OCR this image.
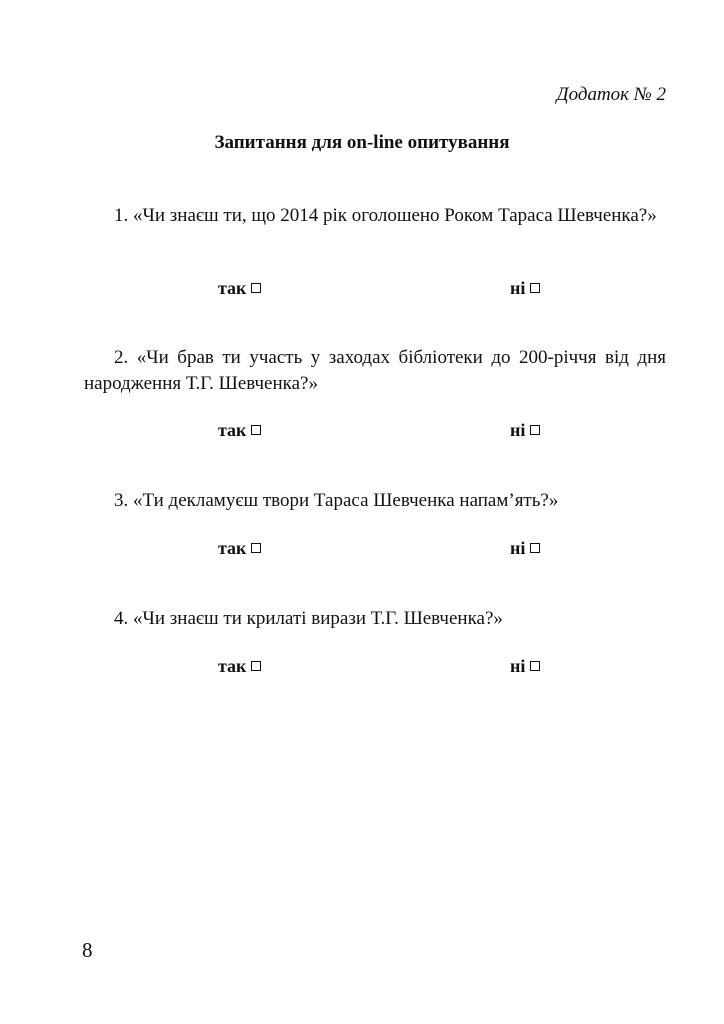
Додаток № 2

Запитання для on-line опитування

1. «Чи знаєш ти, що 2014 рік оголошено Роком Тараса Шевченка?»

так	ні

2. «Чи брав ти участь у заходах бібліотеки до 200-річчя від дня народження Т.Г. Шевченка?»

так	ні

3. «Ти декламуєш твори Тараса Шевченка напам’ять?»

так	ні

4. «Чи знаєш ти крилаті вирази Т.Г. Шевченка?»

так	ні

8
